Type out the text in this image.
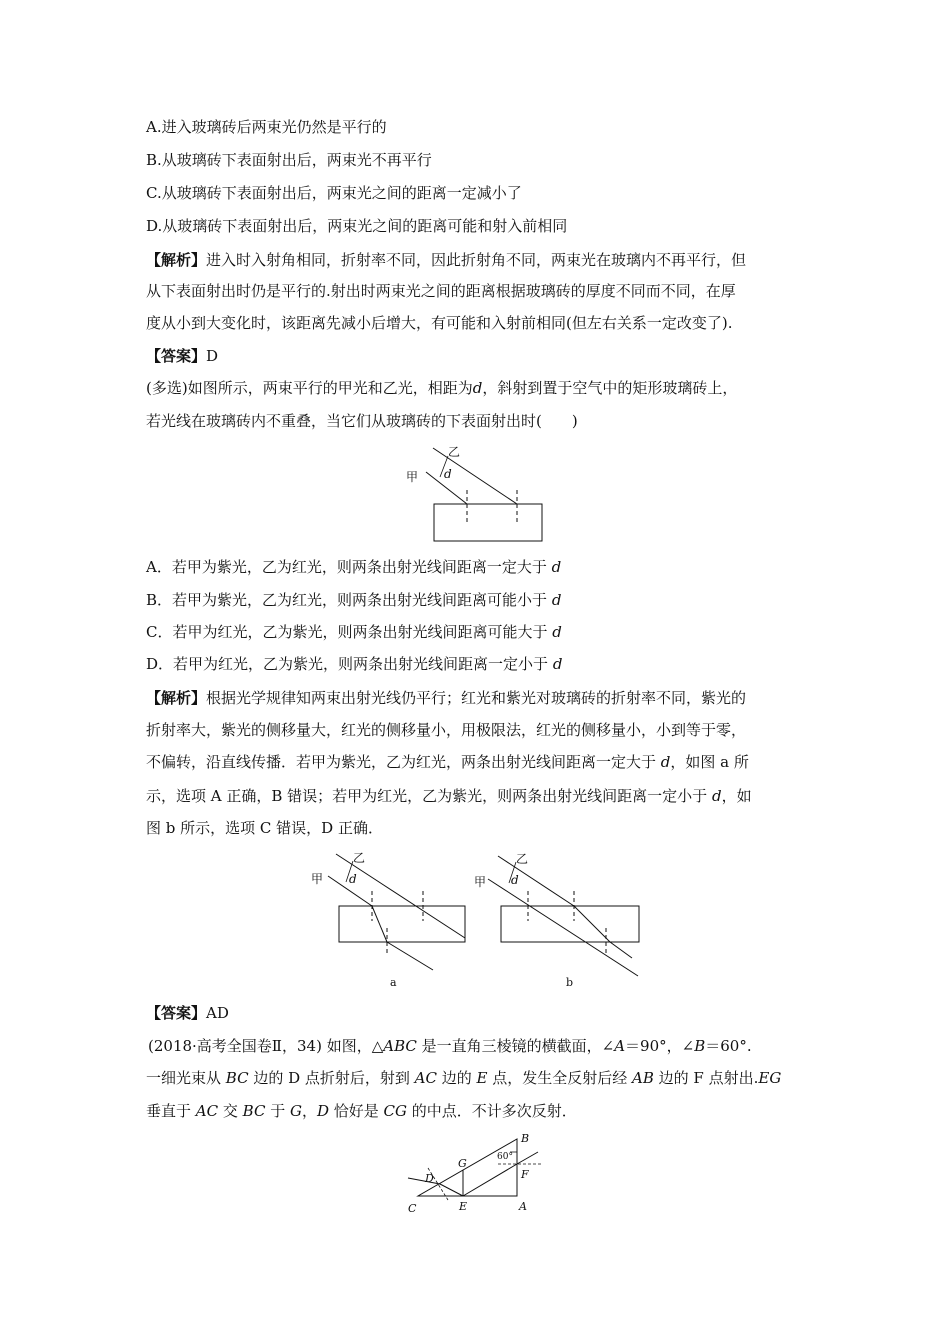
A.进入玻璃砖后两束光仍然是平行的
B.从玻璃砖下表面射出后，两束光不再平行
C.从玻璃砖下表面射出后，两束光之间的距离一定减小了
D.从玻璃砖下表面射出后，两束光之间的距离可能和射入前相同
【解析】进入时入射角相同，折射率不同，因此折射角不同，两束光在玻璃内不再平行，但
从下表面射出时仍是平行的.射出时两束光之间的距离根据玻璃砖的厚度不同而不同，在厚
度从小到大变化时，该距离先减小后增大，有可能和入射前相同(但左右关系一定改变了).
【答案】D
(多选)如图所示，两束平行的甲光和乙光，相距为d，斜射到置于空气中的矩形玻璃砖上，
若光线在玻璃砖内不重叠，当它们从玻璃砖的下表面射出时(　　)
乙
甲 d
A．若甲为紫光，乙为红光，则两条出射光线间距离一定大于 d
B．若甲为紫光，乙为红光，则两条出射光线间距离可能小于 d
C．若甲为红光，乙为紫光，则两条出射光线间距离可能大于 d
D．若甲为红光，乙为紫光，则两条出射光线间距离一定小于 d
【解析】根据光学规律知两束出射光线仍平行；红光和紫光对玻璃砖的折射率不同，紫光的
折射率大，紫光的侧移量大，红光的侧移量小，用极限法，红光的侧移量小，小到等于零，
不偏转，沿直线传播．若甲为紫光，乙为红光，两条出射光线间距离一定大于 d，如图 a 所
示，选项 A 正确，B 错误；若甲为红光，乙为紫光，则两条出射光线间距离一定小于 d，如
图 b 所示，选项 C 错误，D 正确．
乙
甲 d
a
乙
甲 d
b
【答案】AD
(2018·高考全国卷Ⅱ，34) 如图，△ABC 是一直角三棱镜的横截面，∠A＝90°，∠B＝60°.
一细光束从 BC 边的 D 点折射后，射到 AC 边的 E 点，发生全反射后经 AB 边的 F 点射出.EG
垂直于 AC 交 BC 于 G，D 恰好是 CG 的中点．不计多次反射．
B
G	60°
F
D
C	E	A
